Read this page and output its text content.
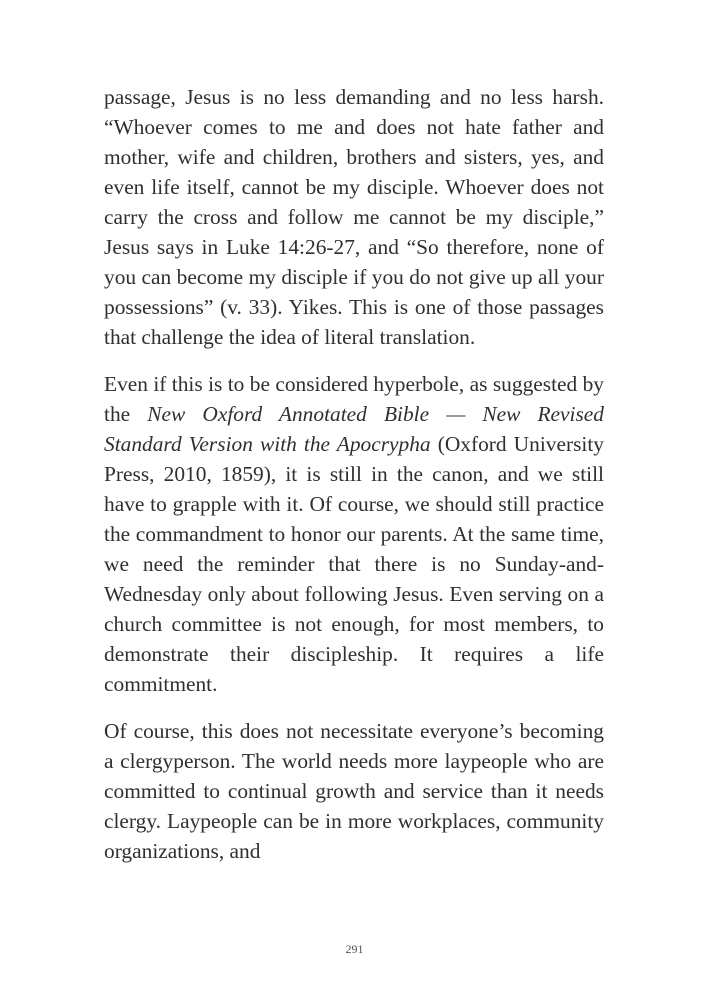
passage, Jesus is no less demanding and no less harsh. “Whoever comes to me and does not hate father and mother, wife and children, brothers and sisters, yes, and even life itself, cannot be my disciple. Whoever does not carry the cross and follow me cannot be my disciple,” Jesus says in Luke 14:26-27, and “So therefore, none of you can become my disciple if you do not give up all your possessions” (v. 33). Yikes. This is one of those passages that challenge the idea of literal translation.

Even if this is to be considered hyperbole, as suggested by the New Oxford Annotated Bible — New Revised Standard Version with the Apocrypha (Oxford University Press, 2010, 1859), it is still in the canon, and we still have to grapple with it. Of course, we should still practice the commandment to honor our parents. At the same time, we need the reminder that there is no Sunday-and-Wednesday only about following Jesus. Even serving on a church committee is not enough, for most members, to demonstrate their discipleship. It requires a life commitment.

Of course, this does not necessitate everyone’s becoming a clergyperson. The world needs more laypeople who are committed to continual growth and service than it needs clergy. Laypeople can be in more workplaces, community organizations, and

291
